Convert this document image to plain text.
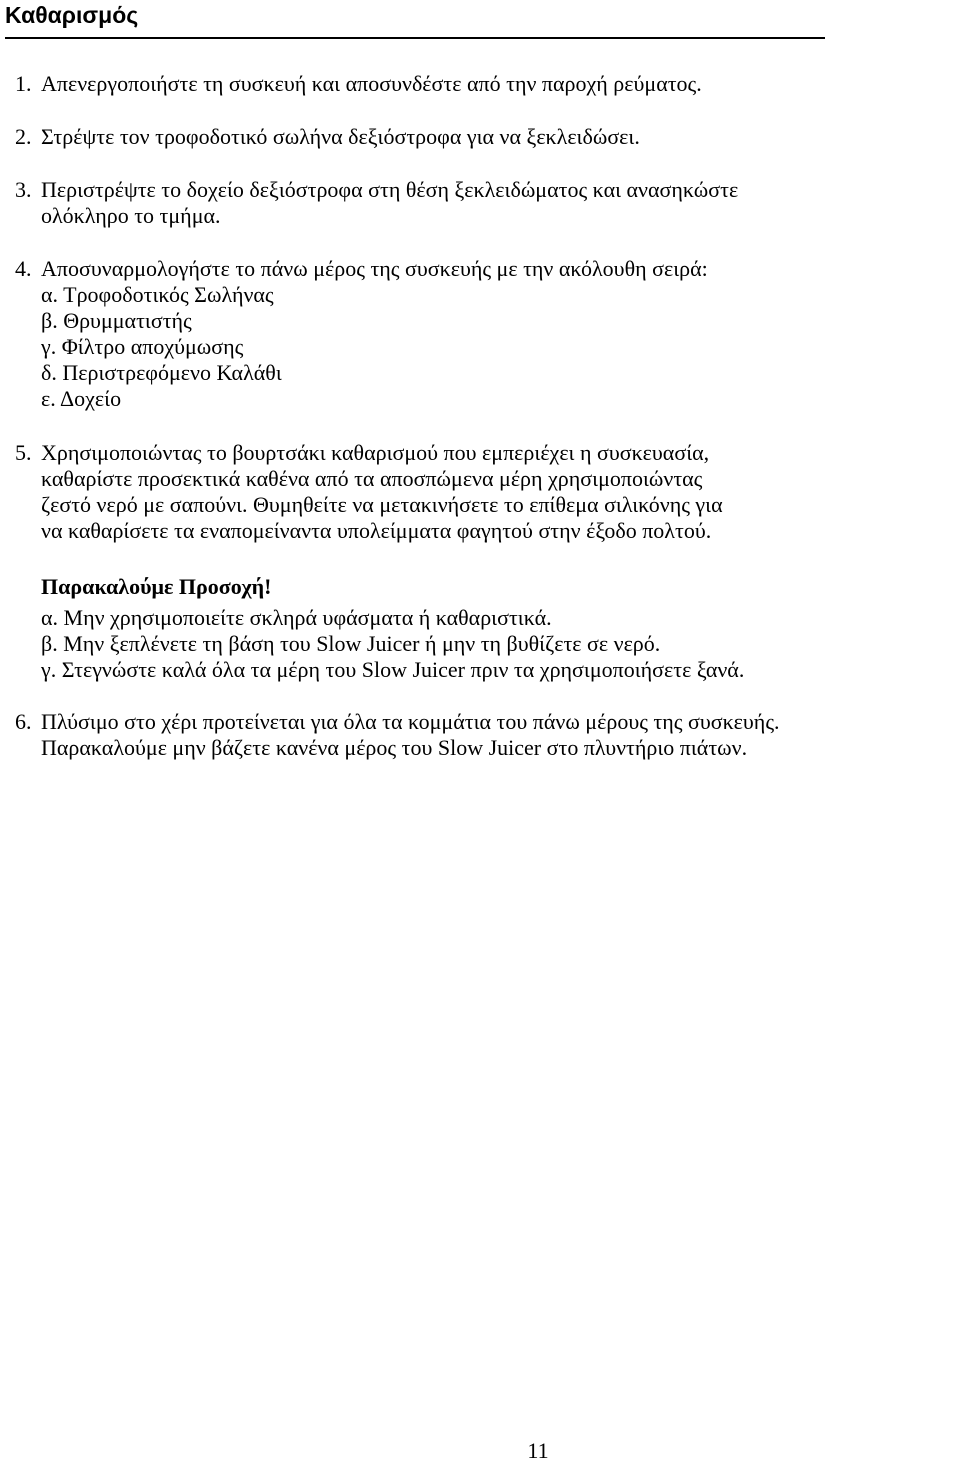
Καθαρισμός
1. Απενεργοποιήστε τη συσκευή και αποσυνδέστε από την παροχή ρεύματος.
2. Στρέψτε τον τροφοδοτικό σωλήνα δεξιόστροφα για να ξεκλειδώσει.
3. Περιστρέψτε το δοχείο δεξιόστροφα στη θέση ξεκλειδώματος και ανασηκώστε
ολόκληρο το τμήμα.
4. Αποσυναρμολογήστε το πάνω μέρος της συσκευής με την ακόλουθη σειρά:
α. Τροφοδοτικός Σωλήνας
β. Θρυμματιστής
γ. Φίλτρο αποχύμωσης
δ. Περιστρεφόμενο Καλάθι
ε. Δοχείο
5. Χρησιμοποιώντας το βουρτσάκι καθαρισμού που εμπεριέχει η συσκευασία,
καθαρίστε προσεκτικά καθένα από τα αποσπώμενα μέρη χρησιμοποιώντας
ζεστό νερό με σαπούνι. Θυμηθείτε να μετακινήσετε το επίθεμα σιλικόνης για
να καθαρίσετε τα εναπομείναντα υπολείμματα φαγητού στην έξοδο πολτού.
Παρακαλούμε Προσοχή!
α. Μην χρησιμοποιείτε σκληρά υφάσματα ή καθαριστικά.
β. Μην ξεπλένετε τη βάση του Slow Juicer ή μην τη βυθίζετε σε νερό.
γ. Στεγνώστε καλά όλα τα μέρη του Slow Juicer πριν τα χρησιμοποιήσετε ξανά.
6. Πλύσιμο στο χέρι προτείνεται για όλα τα κομμάτια του πάνω μέρους της συσκευής.
Παρακαλούμε μην βάζετε κανένα μέρος του Slow Juicer στο πλυντήριο πιάτων.
11
